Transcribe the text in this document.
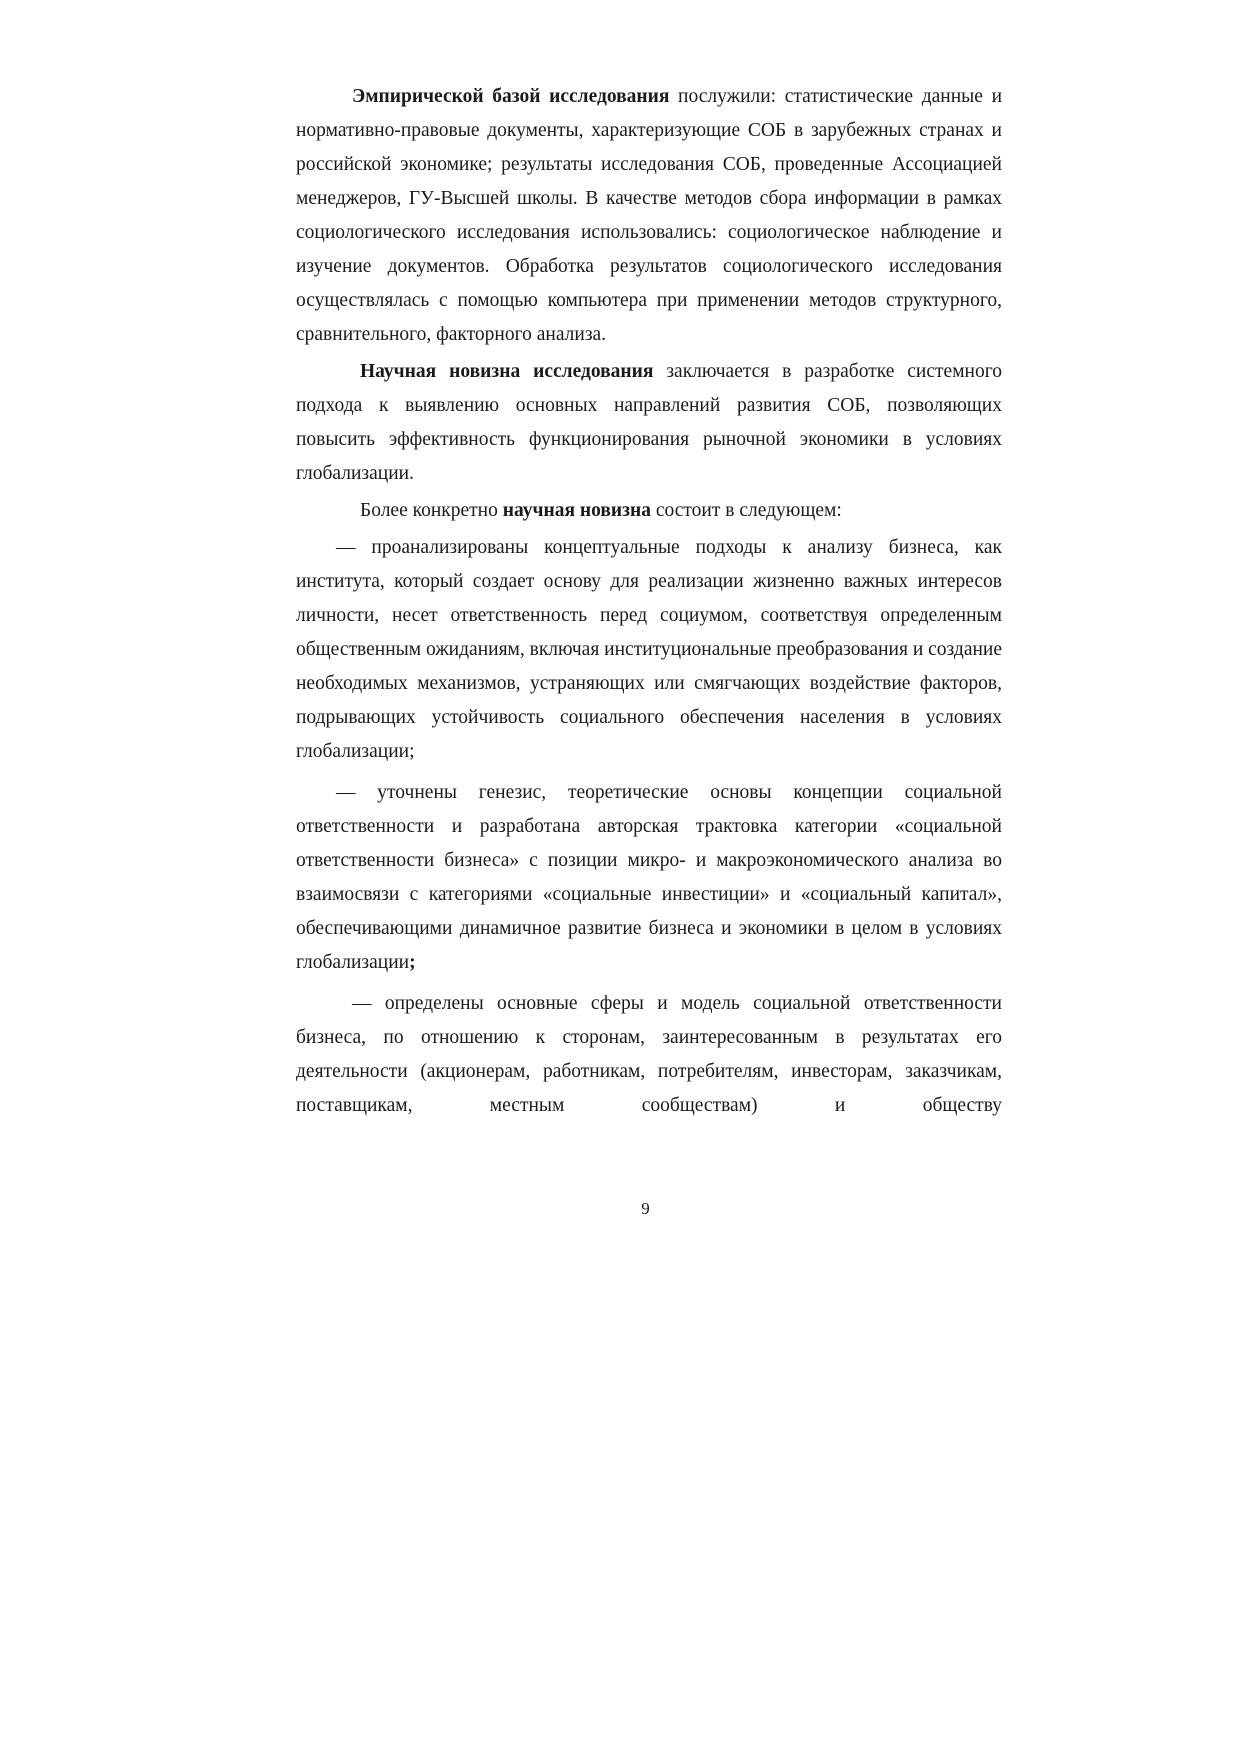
Эмпирической базой исследования послужили: статистические данные и нормативно-правовые документы, характеризующие СОБ в зарубежных странах и российской экономике; результаты исследования СОБ, проведенные Ассоциацией менеджеров, ГУ-Высшей школы. В качестве методов сбора информации в рамках социологического исследования использовались: социологическое наблюдение и изучение документов. Обработка результатов социологического исследования осуществлялась с помощью компьютера при применении методов структурного, сравнительного, факторного анализа.

Научная новизна исследования заключается в разработке системного подхода к выявлению основных направлений развития СОБ, позволяющих повысить эффективность функционирования рыночной экономики в условиях глобализации.

Более конкретно научная новизна состоит в следующем:

— проанализированы концептуальные подходы к анализу бизнеса, как института, который создает основу для реализации жизненно важных интересов личности, несет ответственность перед социумом, соответствуя определенным общественным ожиданиям, включая институциональные преобразования и создание необходимых механизмов, устраняющих или смягчающих воздействие факторов, подрывающих устойчивость социального обеспечения населения в условиях глобализации;

— уточнены генезис, теоретические основы концепции социальной ответственности и разработана авторская трактовка категории «социальной ответственности бизнеса» с позиции микро- и макроэкономического анализа во взаимосвязи с категориями «социальные инвестиции» и «социальный капитал», обеспечивающими динамичное развитие бизнеса и экономики в целом в условиях глобализации;

— определены основные сферы и модель социальной ответственности бизнеса, по отношению к сторонам, заинтересованным в результатах его деятельности (акционерам, работникам, потребителям, инвесторам, заказчикам, поставщикам, местным сообществам) и обществу

9
